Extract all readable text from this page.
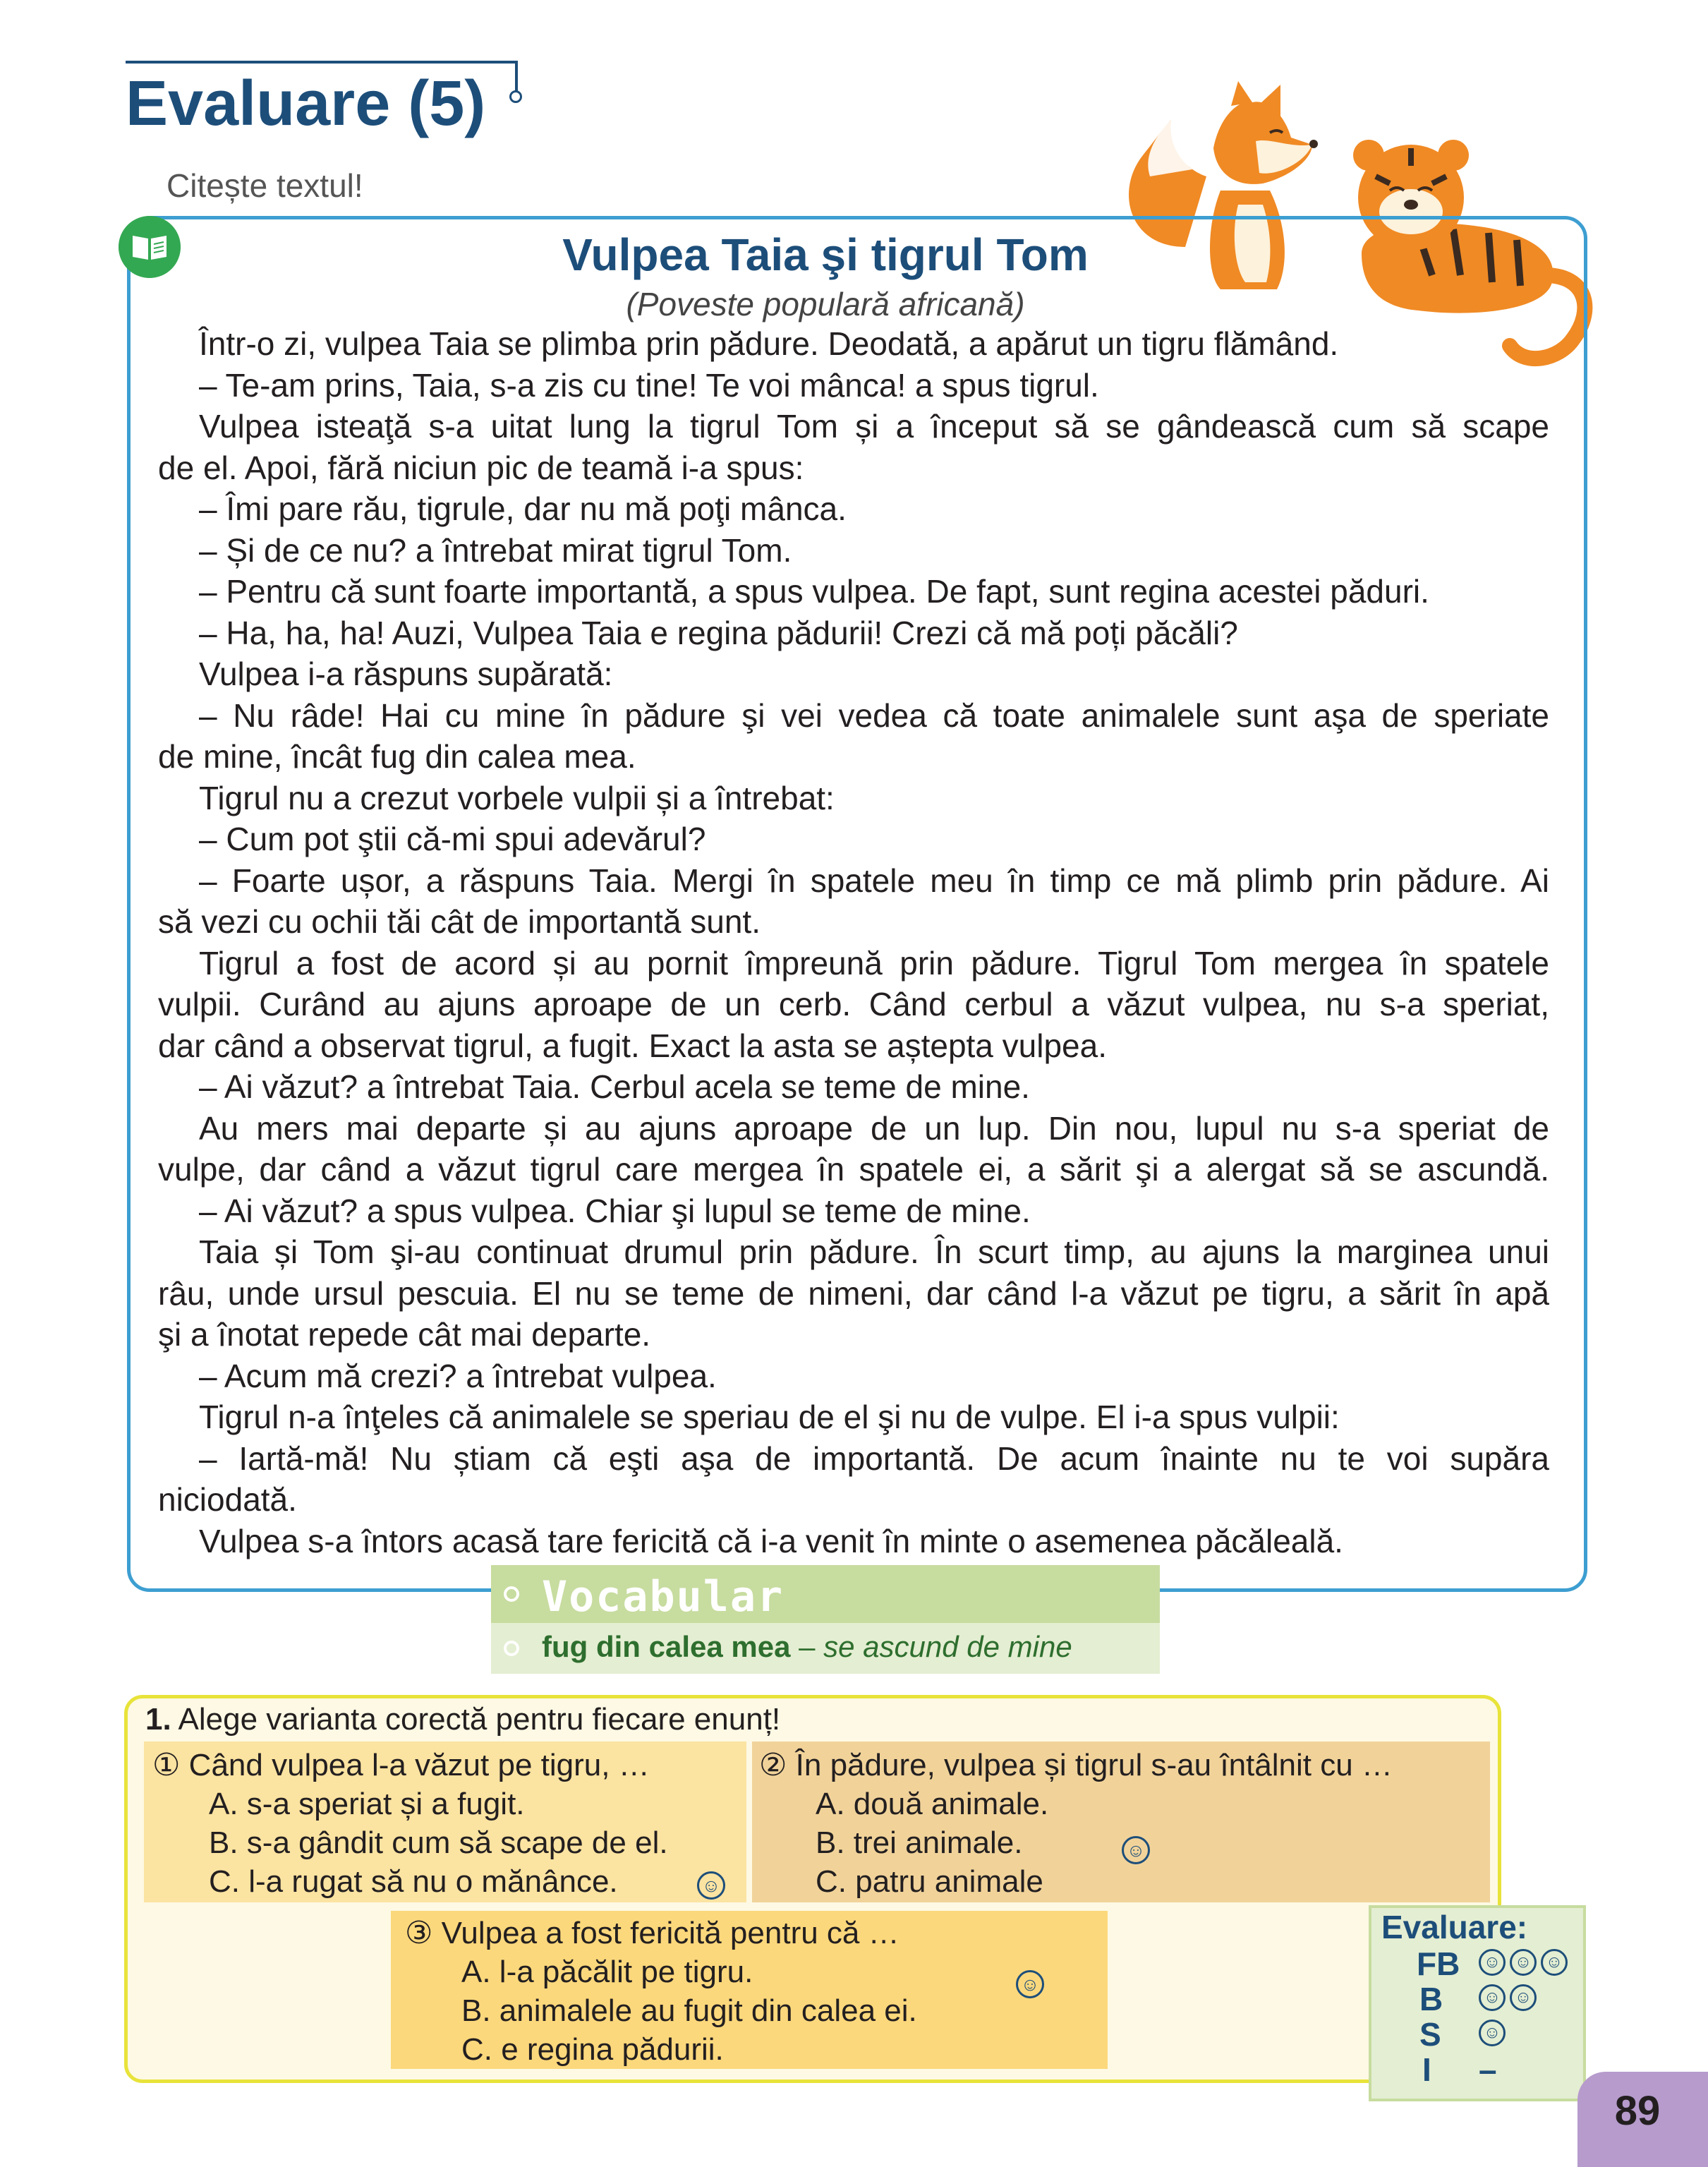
Evaluare (5)
Citește textul!
Vulpea Taia şi tigrul Tom
(Poveste populară africană)
Într-o zi, vulpea Taia se plimba prin pădure. Deodată, a apărut un tigru flămând.
– Te-am prins, Taia, s-a zis cu tine! Te voi mânca! a spus tigrul.
Vulpea isteaţă s-a uitat lung la tigrul Tom și a început să se gândească cum să scape
de el. Apoi, fără niciun pic de teamă i-a spus:
– Îmi pare rău, tigrule, dar nu mă poţi mânca.
– Și de ce nu? a întrebat mirat tigrul Tom.
– Pentru că sunt foarte importantă, a spus vulpea. De fapt, sunt regina acestei păduri.
– Ha, ha, ha! Auzi, Vulpea Taia e regina pădurii! Crezi că mă poți păcăli?
Vulpea i-a răspuns supărată:
– Nu râde! Hai cu mine în pădure şi vei vedea că toate animalele sunt aşa de speriate
de mine, încât fug din calea mea.
Tigrul nu a crezut vorbele vulpii și a întrebat:
– Cum pot ştii că-mi spui adevărul?
– Foarte ușor, a răspuns Taia. Mergi în spatele meu în timp ce mă plimb prin pădure. Ai
să vezi cu ochii tăi cât de importantă sunt.
Tigrul a fost de acord și au pornit împreună prin pădure. Tigrul Tom mergea în spatele
vulpii. Curând au ajuns aproape de un cerb. Când cerbul a văzut vulpea, nu s-a speriat,
dar când a observat tigrul, a fugit. Exact la asta se aștepta vulpea.
– Ai văzut? a întrebat Taia. Cerbul acela se teme de mine.
Au mers mai departe și au ajuns aproape de un lup. Din nou, lupul nu s-a speriat de
vulpe, dar când a văzut tigrul care mergea în spatele ei, a sărit şi a alergat să se ascundă.
– Ai văzut? a spus vulpea. Chiar şi lupul se teme de mine.
Taia și Tom şi-au continuat drumul prin pădure. În scurt timp, au ajuns la marginea unui
râu, unde ursul pescuia. El nu se teme de nimeni, dar când l-a văzut pe tigru, a sărit în apă
şi a înotat repede cât mai departe.
– Acum mă crezi? a întrebat vulpea.
Tigrul n-a înţeles că animalele se speriau de el şi nu de vulpe. El i-a spus vulpii:
– Iartă-mă! Nu știam că eşti aşa de importantă. De acum înainte nu te voi supăra
niciodată.
Vulpea s-a întors acasă tare fericită că i-a venit în minte o asemenea păcăleală.
Vocabular
fug din calea mea – se ascund de mine
1. Alege varianta corectă pentru fiecare enunț!
① Când vulpea l-a văzut pe tigru, …
A. s-a speriat și a fugit.
B. s-a gândit cum să scape de el.
C. l-a rugat să nu o mănânce.	☺
② În pădure, vulpea și tigrul s-au întâlnit cu …
A. două animale.
B. trei animale.
C. patru animale
☺
③ Vulpea a fost fericită pentru că …
A. l-a păcălit pe tigru.
B. animalele au fugit din calea ei.
C. e regina pădurii.
☺
Evaluare:
FB ☺ ☺ ☺
B ☺ ☺
S	☺
I –
89
